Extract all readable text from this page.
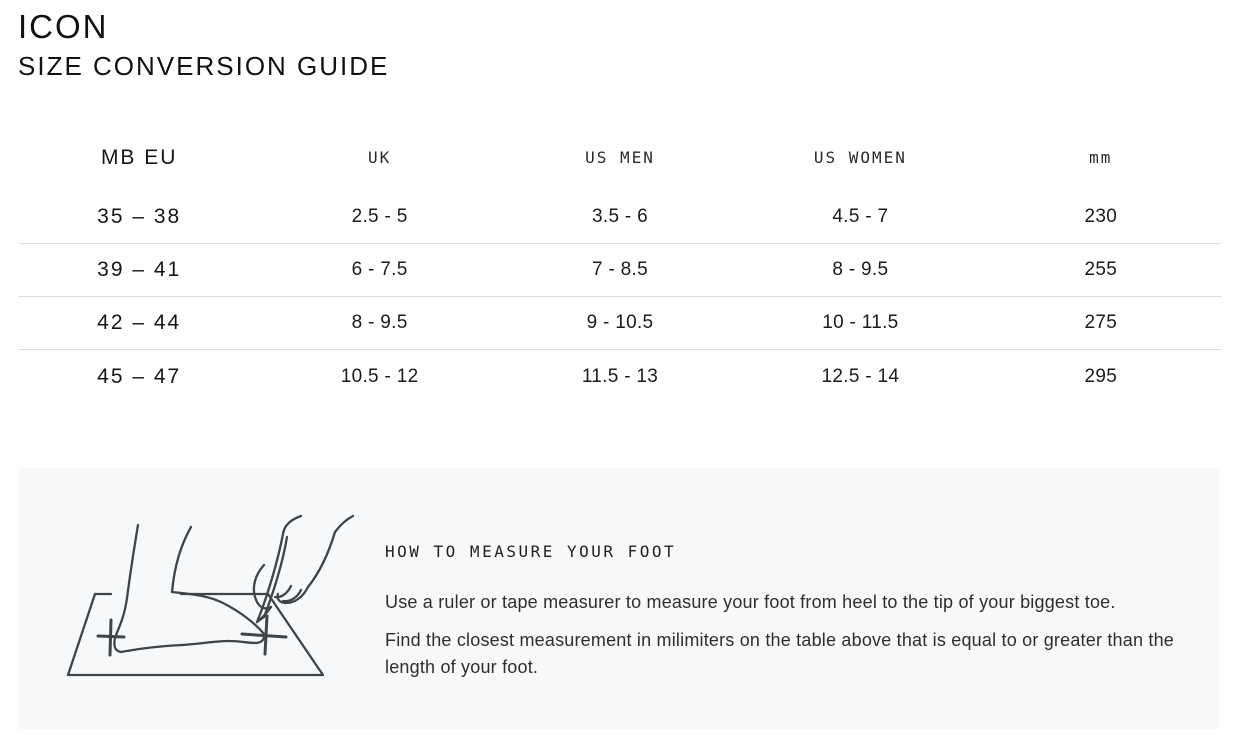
ICON
SIZE CONVERSION GUIDE
MB EU	UK	US MEN	US WOMEN	mm
35 – 38	2.5 - 5	3.5 - 6	4.5 - 7	230
39 – 41	6 - 7.5	7 - 8.5	8 - 9.5	255
42 – 44	8 - 9.5	9 - 10.5	10 - 11.5	275
45 – 47	10.5 - 12	11.5 - 13	12.5 - 14	295
HOW TO MEASURE YOUR FOOT

Use a ruler or tape measurer to measure your foot from heel to the tip of your biggest toe.

Find the closest measurement in milimiters on the table above that is equal to or greater than the length of your foot.
